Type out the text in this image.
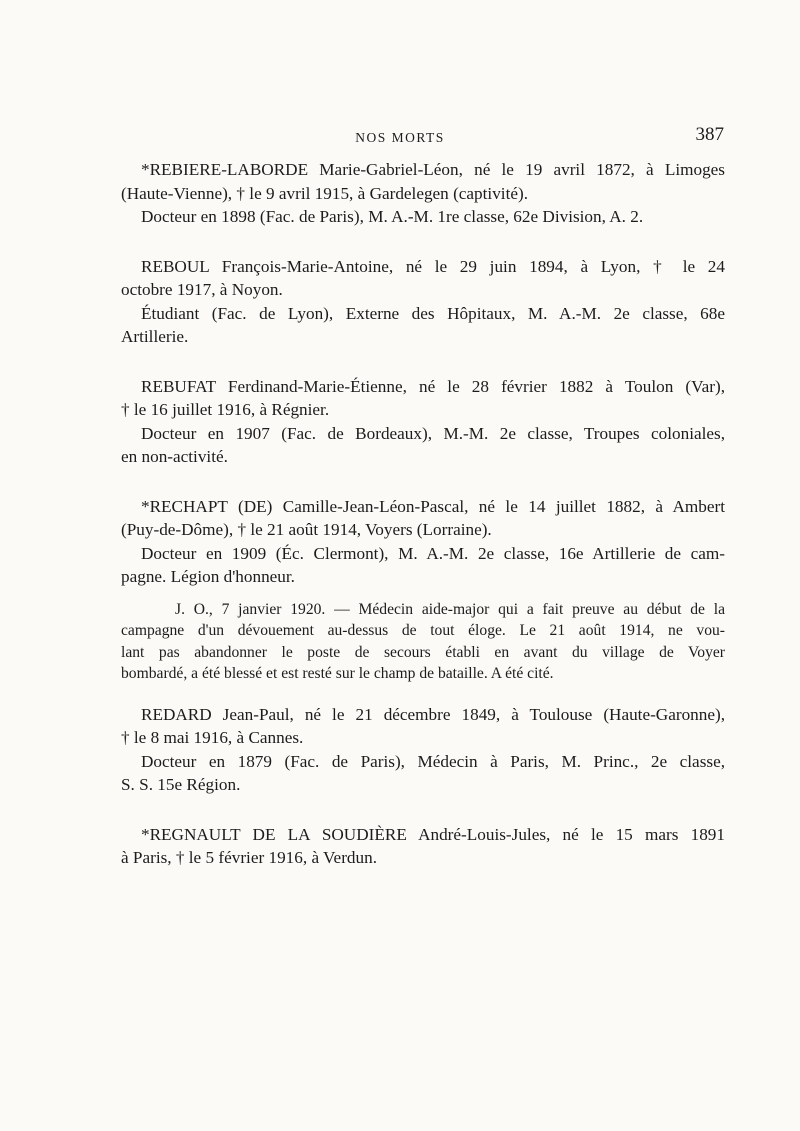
NOS MORTS	387
*REBIERE-LABORDE Marie-Gabriel-Léon, né le 19 avril 1872, à Limoges
(Haute-Vienne), † le 9 avril 1915, à Gardelegen (captivité).
Docteur en 1898 (Fac. de Paris), M. A.-M. 1re classe, 62e Division, A. 2.
REBOUL François-Marie-Antoine, né le 29 juin 1894, à Lyon, † le 24
octobre 1917, à Noyon.
Étudiant (Fac. de Lyon), Externe des Hôpitaux, M. A.-M. 2e classe, 68e
Artillerie.
REBUFAT Ferdinand-Marie-Étienne, né le 28 février 1882 à Toulon (Var),
† le 16 juillet 1916, à Régnier.
Docteur en 1907 (Fac. de Bordeaux), M.-M. 2e classe, Troupes coloniales,
en non-activité.
*RECHAPT (DE) Camille-Jean-Léon-Pascal, né le 14 juillet 1882, à Ambert
(Puy-de-Dôme), † le 21 août 1914, Voyers (Lorraine).
Docteur en 1909 (Éc. Clermont), M. A.-M. 2e classe, 16e Artillerie de cam-
pagne. Légion d'honneur.
J. O., 7 janvier 1920. — Médecin aide-major qui a fait preuve au début de la
campagne d'un dévouement au-dessus de tout éloge. Le 21 août 1914, ne vou-
lant pas abandonner le poste de secours établi en avant du village de Voyer
bombardé, a été blessé et est resté sur le champ de bataille. A été cité.
REDARD Jean-Paul, né le 21 décembre 1849, à Toulouse (Haute-Garonne),
† le 8 mai 1916, à Cannes.
Docteur en 1879 (Fac. de Paris), Médecin à Paris, M. Princ., 2e classe,
S. S. 15e Région.
*REGNAULT DE LA SOUDIÈRE André-Louis-Jules, né le 15 mars 1891
à Paris, † le 5 février 1916, à Verdun.
